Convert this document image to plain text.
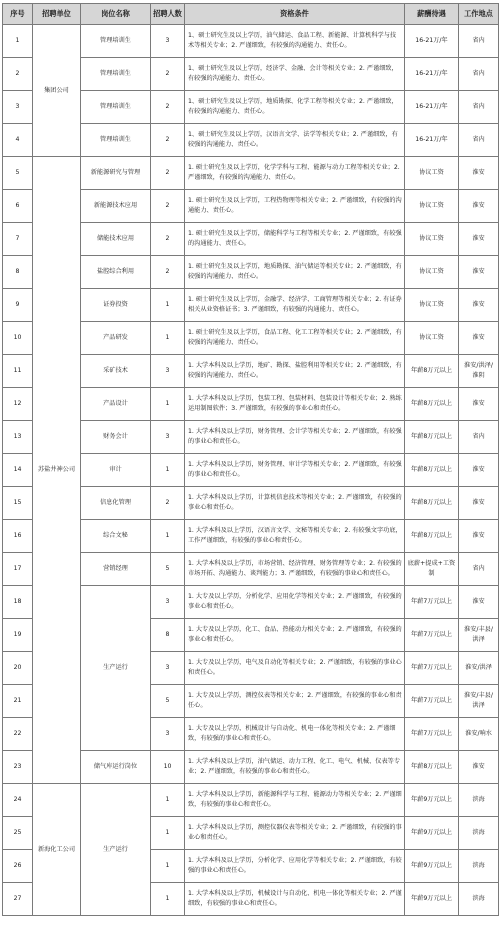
序号	招聘单位	岗位名称	招聘人数	资格条件	薪酬待遇	工作地点
1	集团公司	管理培训生	3	1、硕士研究生及以上学历，油气储运、食品工程、新能源、计算机科学与技术等相关专业；2. 严谨细致，有较强的沟通能力、责任心。	16-21万/年	省内
2		管理培训生	2	1、硕士研究生及以上学历，经济学、金融、会计等相关专业；2. 严谨细致，有较强的沟通能力、责任心。	16-21万/年	省内
3		管理培训生	2	1、硕士研究生及以上学历，地质勘探、化学工程等相关专业；2. 严谨细致，有较强的沟通能力、责任心。	16-21万/年	省内
4		管理培训生	2	1、硕士研究生及以上学历，汉语言文学、法学等相关专业；2. 严谨细致，有较强的沟通能力、责任心。	16-21万/年	省内
5	苏盐井神公司	新能源研究与管理	2	1. 硕士研究生及以上学历，化学学科与工程、能源与动力工程等相关专业；2. 严谨细致，有较强的沟通能力、责任心。	协议工资	淮安
6		新能源技术应用	2	1. 硕士研究生及以上学历，工程热物理等相关专业；2. 严谨细致，有较强的沟通能力、责任心。	协议工资	淮安
7		储能技术应用	2	1. 硕士研究生及以上学历，储能科学与工程等相关专业；2. 严谨细致，有较强的沟通能力、责任心。	协议工资	淮安
8		盐腔综合利用	2	1. 硕士研究生及以上学历，地质勘探、油气储运等相关专业；2. 严谨细致，有较强的沟通能力、责任心。	协议工资	淮安
9		证券投资	1	1. 硕士研究生及以上学历，金融学、经济学、工商管理等相关专业；2. 有证券相关从业资格证书；3. 严谨细致，有较强的沟通能力、责任心。	协议工资	淮安
10		产品研发	1	1. 硕士研究生及以上学历，食品工程、化工工程等相关专业；2. 严谨细致，有较强的沟通能力、责任心。	协议工资	淮安
11		采矿技术	3	1. 大学本科及以上学历，地矿、勘探、盐腔利用等相关专业；2. 严谨细致，有较强的沟通能力、责任心。	年薪8万元以上	淮安/洪泽/淮阴
12		产品设计	1	1. 大学本科及以上学历，包装工程、包装材料、包装设计等相关专业；2. 熟练运用制图软件；3. 严谨细致，有较强的事业心和责任心。	年薪8万元以上	淮安
13		财务会计	3	1. 大学本科及以上学历，财务管理、会计学等相关专业；2. 严谨细致，有较强的事业心和责任心。	年薪8万元以上	省内
14		审计	1	1. 大学本科及以上学历，财务管理、审计学等相关专业；2. 严谨细致，有较强的事业心和责任心。	年薪8万元以上	淮安
15		信息化管理	2	1. 大学本科及以上学历，计算机信息技术等相关专业；2. 严谨细致，有较强的事业心和责任心。	年薪8万元以上	淮安
16		综合文秘	1	1. 大学本科及以上学历，汉语言文学、文秘等相关专业；2. 有较强文字功底，工作严谨细致，有较强的事业心和责任心。	年薪8万元以上	淮安
17		营销经理	5	1. 大学本科及以上学历，市场营销、经济管理、财务管理等专业；2. 有较强的市场开拓、沟通能力、谈判能力；3. 严谨细致，有较强的事业心和责任心。	底薪+提成+工资制	省内
18		生产运行	3	1. 大专及以上学历，分析化学、应用化学等相关专业；2. 严谨细致，有较强的事业心和责任心。	年薪7万元以上	淮安
19			8	1. 大专及以上学历，化工、食品、热能动力相关专业；2. 严谨细致，有较强的事业心和责任心。	年薪7万元以上	淮安/丰县/洪泽
20			3	1. 大专及以上学历，电气及自动化等相关专业；2. 严谨细致，有较强的事业心和责任心。	年薪7万元以上	淮安/洪泽
21			5	1. 大专及以上学历，测控仪表等相关专业；2. 严谨细致，有较强的事业心和责任心。	年薪7万元以上	淮安/丰县/洪泽
22			3	1. 大专及以上学历，机械设计与自动化、机电一体化等相关专业；2. 严谨细致，有较强的事业心和责任心。	年薪7万元以上	淮安/响水
23		储气库运行岗位	10	1. 大学本科及以上学历，油气储运、动力工程、化工、电气、机械、仪表等专业；2. 严谨细致，有较强的事业心和责任心。	年薪8万元以上	淮安
24	新海化工公司	生产运行	1	1. 大学本科及以上学历，新能源科学与工程、能源动力等相关专业；2. 严谨细致，有较强的事业心和责任心。	年薪9万元以上	滨海
25			1	1. 大学本科及以上学历，测控仪器仪表等相关专业；2. 严谨细致，有较强的事业心和责任心。	年薪9万元以上	滨海
26			1	1. 大学本科及以上学历，分析化学、应用化学等相关专业；2. 严谨细致，有较强的事业心和责任心。	年薪9万元以上	滨海
27			1	1. 大学本科及以上学历，机械设计与自动化、机电一体化等相关专业；2. 严谨细致，有较强的事业心和责任心。	年薪9万元以上	滨海
